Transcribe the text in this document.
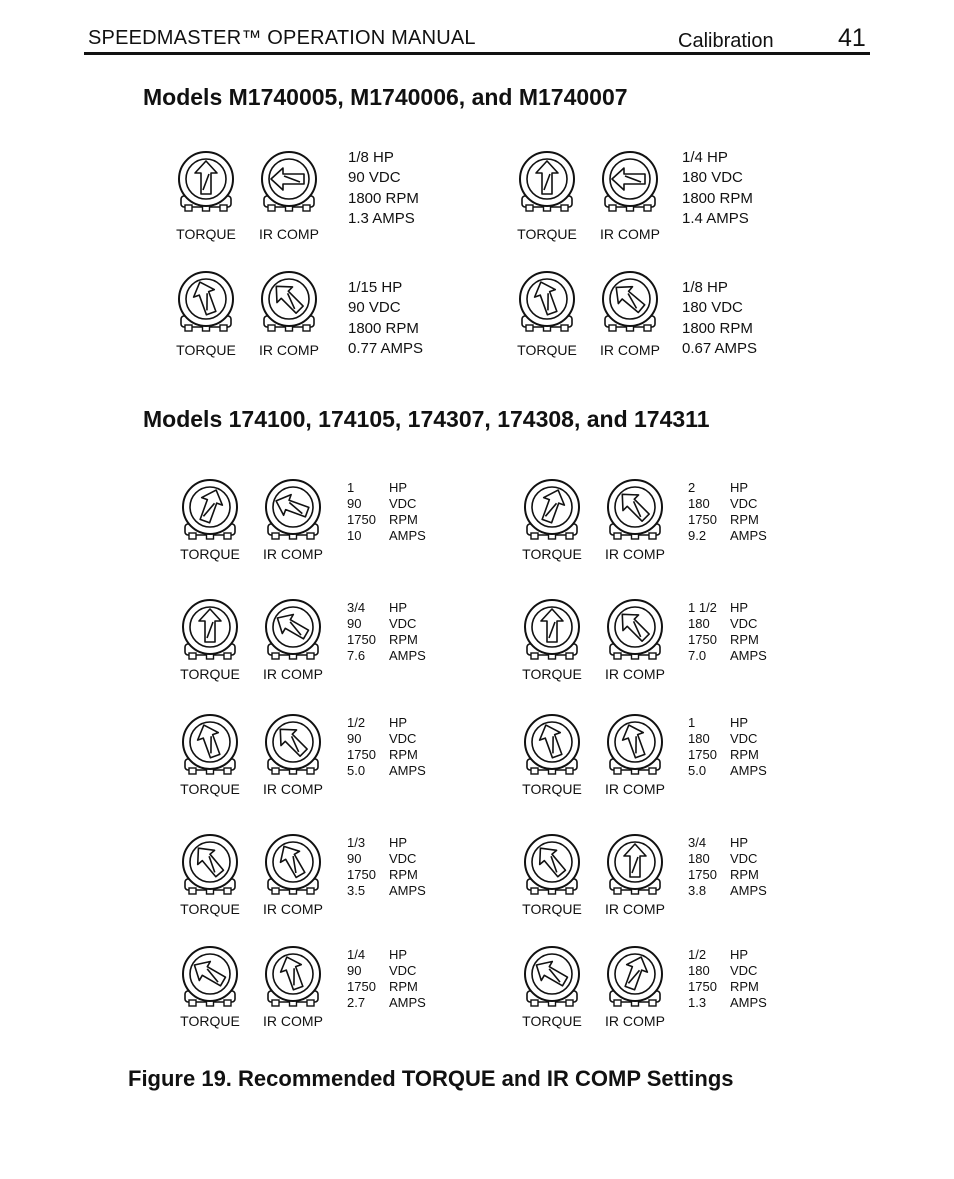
SPEEDMASTER™ OPERATION MANUAL	Calibration	41
Models M1740005, M1740006, and M1740007
Models 174100, 174105, 174307, 174308, and 174311
TORQUE	IR COMP
1/8 HP
90 VDC
1800 RPM
1.3 AMPS
TORQUE	IR COMP
1/4 HP
180 VDC
1800 RPM
1.4 AMPS
TORQUE	IR COMP
1/15 HP
90 VDC
1800 RPM
0.77 AMPS	TORQUE	IR COMP
1/8 HP
180 VDC
1800 RPM
0.67 AMPS
TORQUE	IR COMP
1	HP
90	VDC
1750	RPM
10	AMPS
TORQUE	IR COMP
2	HP
180	VDC
1750	RPM
9.2	AMPS
TORQUE	IR COMP
3/4	HP
90	VDC
1750	RPM
7.6	AMPS
TORQUE	IR COMP
1 1/2	HP
180	VDC
1750	RPM
7.0	AMPS
TORQUE	IR COMP
1/2	HP
90	VDC
1750	RPM
5.0	AMPS
TORQUE	IR COMP
1	HP
180	VDC
1750	RPM
5.0	AMPS
TORQUE	IR COMP
1/3	HP
90	VDC
1750	RPM
3.5	AMPS
TORQUE	IR COMP
3/4	HP
180	VDC
1750	RPM
3.8	AMPS
TORQUE	IR COMP
1/4	HP
90	VDC
1750	RPM
2.7	AMPS
TORQUE	IR COMP
1/2	HP
180	VDC
1750	RPM
1.3	AMPS
Figure 19. Recommended TORQUE and IR COMP Settings
